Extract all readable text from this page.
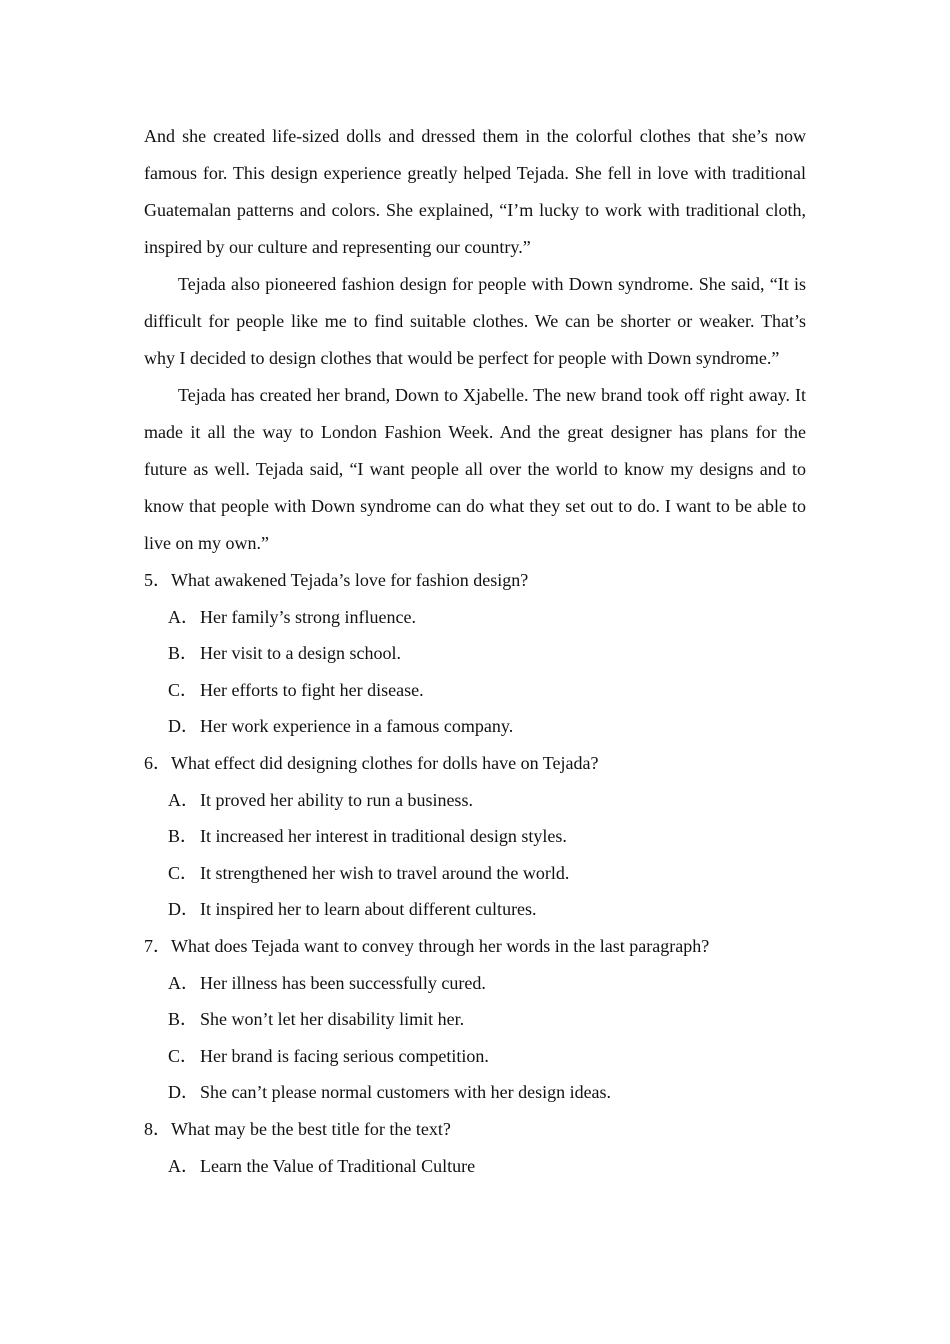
And she created life-sized dolls and dressed them in the colorful clothes that she’s now famous for. This design experience greatly helped Tejada. She fell in love with traditional Guatemalan patterns and colors. She explained, “I’m lucky to work with traditional cloth, inspired by our culture and representing our country.”

Tejada also pioneered fashion design for people with Down syndrome. She said, “It is difficult for people like me to find suitable clothes. We can be shorter or weaker. That’s why I decided to design clothes that would be perfect for people with Down syndrome.”

Tejada has created her brand, Down to Xjabelle. The new brand took off right away. It made it all the way to London Fashion Week. And the great designer has plans for the future as well. Tejada said, “I want people all over the world to know my designs and to know that people with Down syndrome can do what they set out to do. I want to be able to live on my own.”

5．What awakened Tejada’s love for fashion design?

A．Her family’s strong influence.

B． Her visit to a design school.

C． Her efforts to fight her disease.

D．Her work experience in a famous company.

6．What effect did designing clothes for dolls have on Tejada?

A．It proved her ability to run a business.

B． It increased her interest in traditional design styles.

C． It strengthened her wish to travel around the world.

D．It inspired her to learn about different cultures.

7．What does Tejada want to convey through her words in the last paragraph?

A．Her illness has been successfully cured.

B． She won’t let her disability limit her.

C． Her brand is facing serious competition.

D．She can’t please normal customers with her design ideas.

8．What may be the best title for the text?

A．Learn the Value of Traditional Culture
